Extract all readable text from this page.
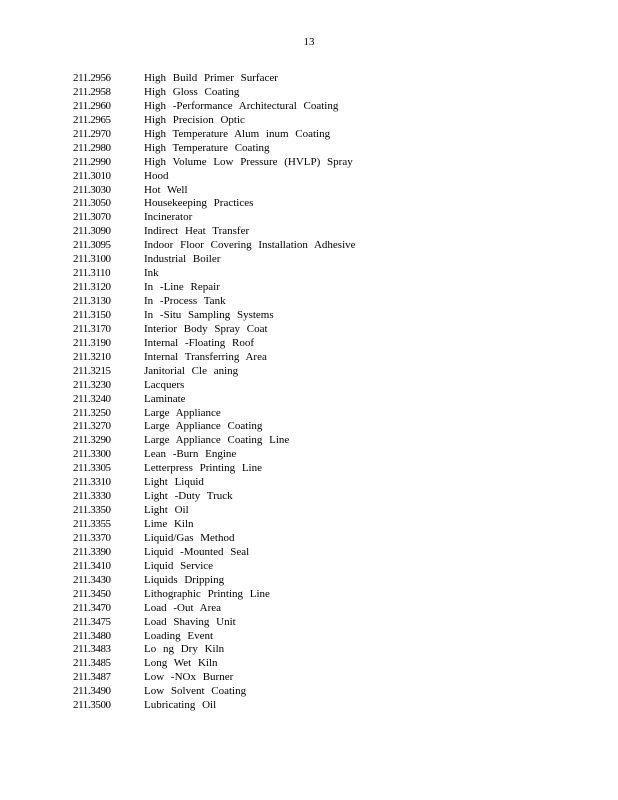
13
211.2956	High Build Primer Surfacer
211.2958	High Gloss Coating
211.2960	High -Performance Architectural Coating
211.2965	High Precision Optic
211.2970	High Temperature Alum inum Coating
211.2980	High Temperature Coating
211.2990	High Volume Low Pressure (HVLP) Spray
211.3010	Hood
211.3030	Hot Well
211.3050	Housekeeping Practices
211.3070	Incinerator
211.3090	Indirect Heat Transfer
211.3095	Indoor Floor Covering Installation Adhesive
211.3100	Industrial Boiler
211.3110	Ink
211.3120	In -Line Repair
211.3130	In -Process Tank
211.3150	In -Situ Sampling Systems
211.3170	Interior Body Spray Coat
211.3190	Internal -Floating Roof
211.3210	Internal Transferring Area
211.3215	Janitorial Cle aning
211.3230	Lacquers
211.3240	Laminate
211.3250	Large Appliance
211.3270	Large Appliance Coating
211.3290	Large Appliance Coating Line
211.3300	Lean -Burn Engine
211.3305	Letterpress Printing Line
211.3310	Light Liquid
211.3330	Light -Duty Truck
211.3350	Light Oil
211.3355	Lime Kiln
211.3370	Liquid/Gas Method
211.3390	Liquid -Mounted Seal
211.3410	Liquid Service
211.3430	Liquids Dripping
211.3450	Lithographic Printing Line
211.3470	Load -Out Area
211.3475	Load Shaving Unit
211.3480	Loading Event
211.3483	Lo ng Dry Kiln
211.3485	Long Wet Kiln
211.3487	Low -NOx Burner
211.3490	Low Solvent Coating
211.3500	Lubricating Oil
